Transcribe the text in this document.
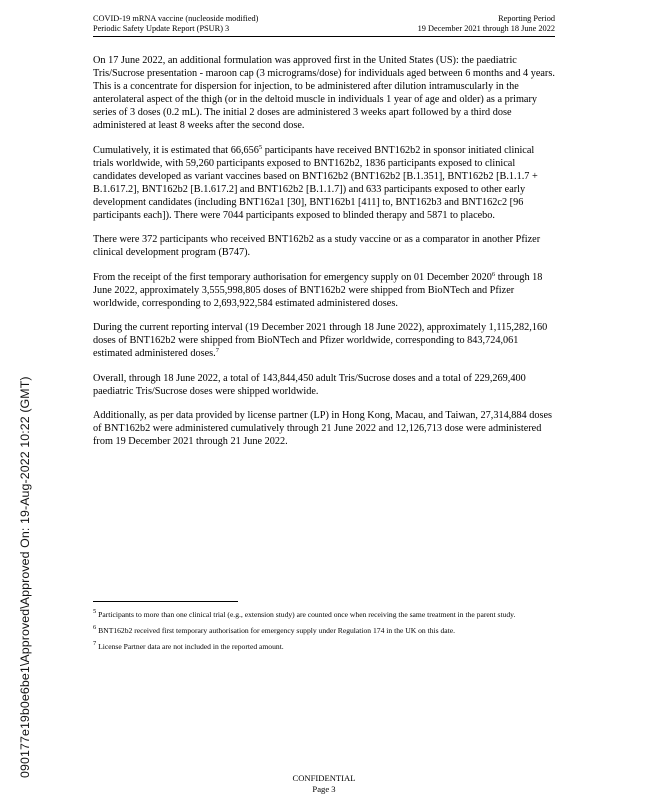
090177e19b0e6be1\Approved\Approved On: 19-Aug-2022 10:22 (GMT)
COVID-19 mRNA vaccine (nucleoside modified)	Reporting Period
Periodic Safety Update Report (PSUR) 3	19 December 2021 through 18 June 2022

On 17 June 2022, an additional formulation was approved first in the United States (US): the paediatric Tris/Sucrose presentation - maroon cap (3 micrograms/dose) for individuals aged between 6 months and 4 years. This is a concentrate for dispersion for injection, to be administered after dilution intramuscularly in the anterolateral aspect of the thigh (or in the deltoid muscle in individuals 1 year of age and older) as a primary series of 3 doses (0.2 mL). The initial 2 doses are administered 3 weeks apart followed by a third dose administered at least 8 weeks after the second dose.

Cumulatively, it is estimated that 66,656$^5$ participants have received BNT162b2 in sponsor initiated clinical trials worldwide, with 59,260 participants exposed to BNT162b2, 1836 participants exposed to clinical candidates developed as variant vaccines based on BNT162b2 (BNT162b2 [B.1.351], BNT162b2 [B.1.1.7 + B.1.617.2], BNT162b2 [B.1.617.2] and BNT162b2 [B.1.1.7]) and 633 participants exposed to other early development candidates (including BNT162a1 [30], BNT162b1 [411] to, BNT162b3 and BNT162c2 [96 participants each]). There were 7044 participants exposed to blinded therapy and 5871 to placebo.

There were 372 participants who received BNT162b2 as a study vaccine or as a comparator in another Pfizer clinical development program (B747).

From the receipt of the first temporary authorisation for emergency supply on 01 December 2020$^6$ through 18 June 2022, approximately 3,555,998,805 doses of BNT162b2 were shipped from BioNTech and Pfizer worldwide, corresponding to 2,693,922,584 estimated administered doses.

During the current reporting interval (19 December 2021 through 18 June 2022), approximately 1,115,282,160 doses of BNT162b2 were shipped from BioNTech and Pfizer worldwide, corresponding to 843,724,061 estimated administered doses.$^7$

Overall, through 18 June 2022, a total of 143,844,450 adult Tris/Sucrose doses and a total of 229,269,400 paediatric Tris/Sucrose doses were shipped worldwide.

Additionally, as per data provided by license partner (LP) in Hong Kong, Macau, and Taiwan, 27,314,884 doses of BNT162b2 were administered cumulatively through 21 June 2022 and 12,126,713 dose were administered from 19 December 2021 through 21 June 2022.

$^5$ Participants to more than one clinical trial (e.g., extension study) are counted once when receiving the same treatment in the parent study.

$^6$ BNT162b2 received first temporary authorisation for emergency supply under Regulation 174 in the UK on this date.

$^7$ License Partner data are not included in the reported amount.

CONFIDENTIAL
Page 3
